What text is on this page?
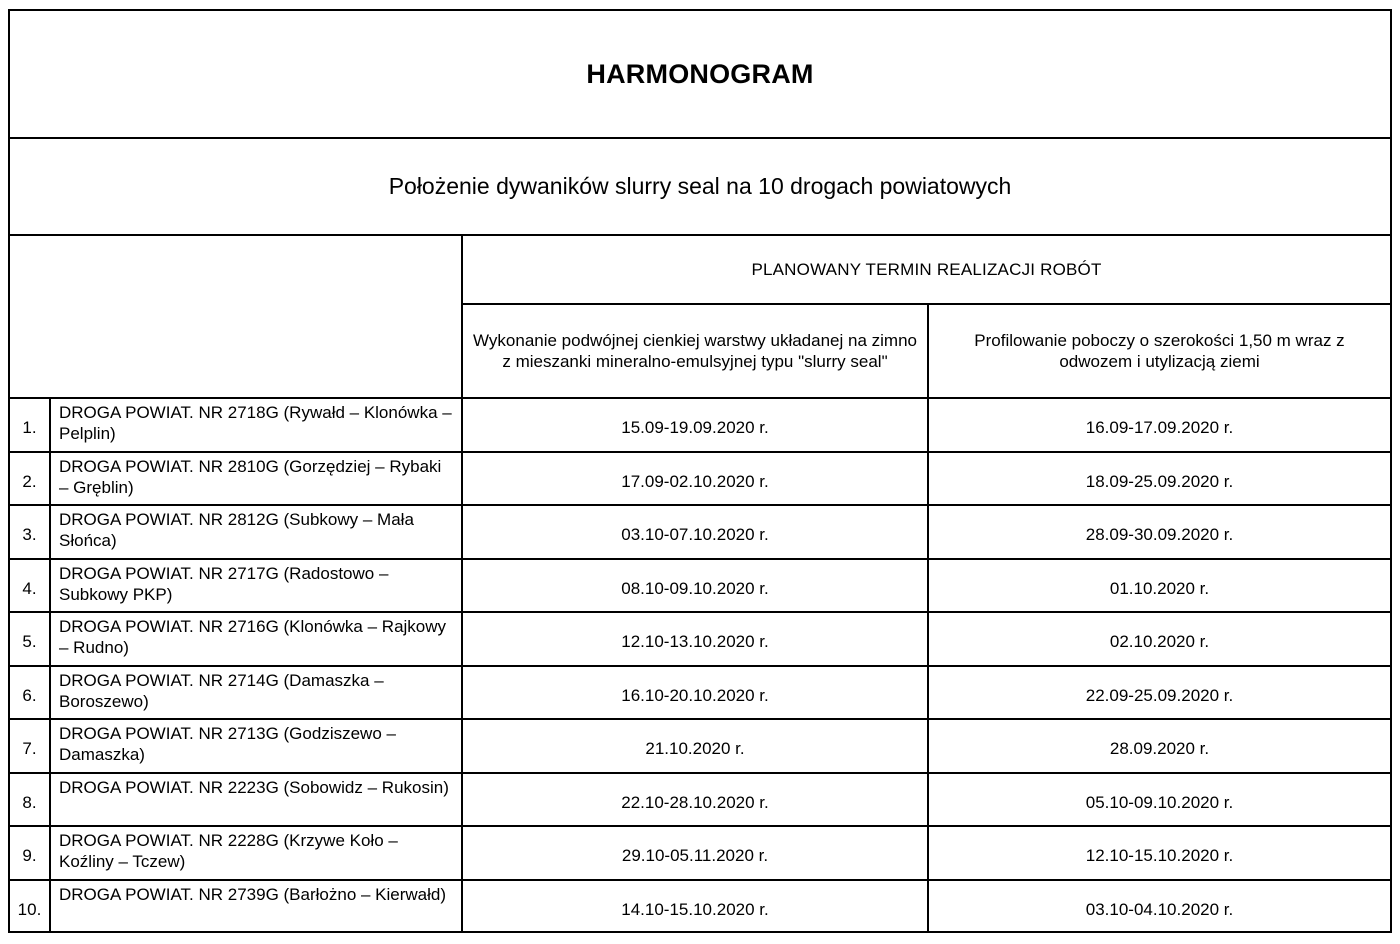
HARMONOGRAM
Położenie dywaników slurry seal na 10 drogach powiatowych
		PLANOWANY TERMIN REALIZACJI ROBÓT	
		Wykonanie podwójnej cienkiej warstwy układanej na zimno z mieszanki mineralno-emulsyjnej typu "slurry seal"	Profilowanie poboczy o szerokości 1,50 m wraz z odwozem i utylizacją ziemi
1.	DROGA POWIAT. NR 2718G (Rywałd – Klonówka – Pelplin)	15.09-19.09.2020 r.	16.09-17.09.2020 r.
2.	DROGA POWIAT. NR 2810G (Gorzędziej – Rybaki – Gręblin)	17.09-02.10.2020 r.	18.09-25.09.2020 r.
3.	DROGA POWIAT. NR 2812G (Subkowy – Mała Słońca)	03.10-07.10.2020 r.	28.09-30.09.2020 r.
4.	DROGA POWIAT. NR 2717G (Radostowo – Subkowy PKP)	08.10-09.10.2020 r.	01.10.2020 r.
5.	DROGA POWIAT. NR 2716G (Klonówka – Rajkowy – Rudno)	12.10-13.10.2020 r.	02.10.2020 r.
6.	DROGA POWIAT. NR 2714G (Damaszka – Boroszewo)	16.10-20.10.2020 r.	22.09-25.09.2020 r.
7.	DROGA POWIAT. NR 2713G (Godziszewo – Damaszka)	21.10.2020 r.	28.09.2020 r.
8.	DROGA POWIAT. NR 2223G (Sobowidz – Rukosin)	22.10-28.10.2020 r.	05.10-09.10.2020 r.
9.	DROGA POWIAT. NR 2228G (Krzywe Koło – Koźliny – Tczew)	29.10-05.11.2020 r.	12.10-15.10.2020 r.
10.	DROGA POWIAT. NR 2739G (Barłożno – Kierwałd)	14.10-15.10.2020 r.	03.10-04.10.2020 r.
